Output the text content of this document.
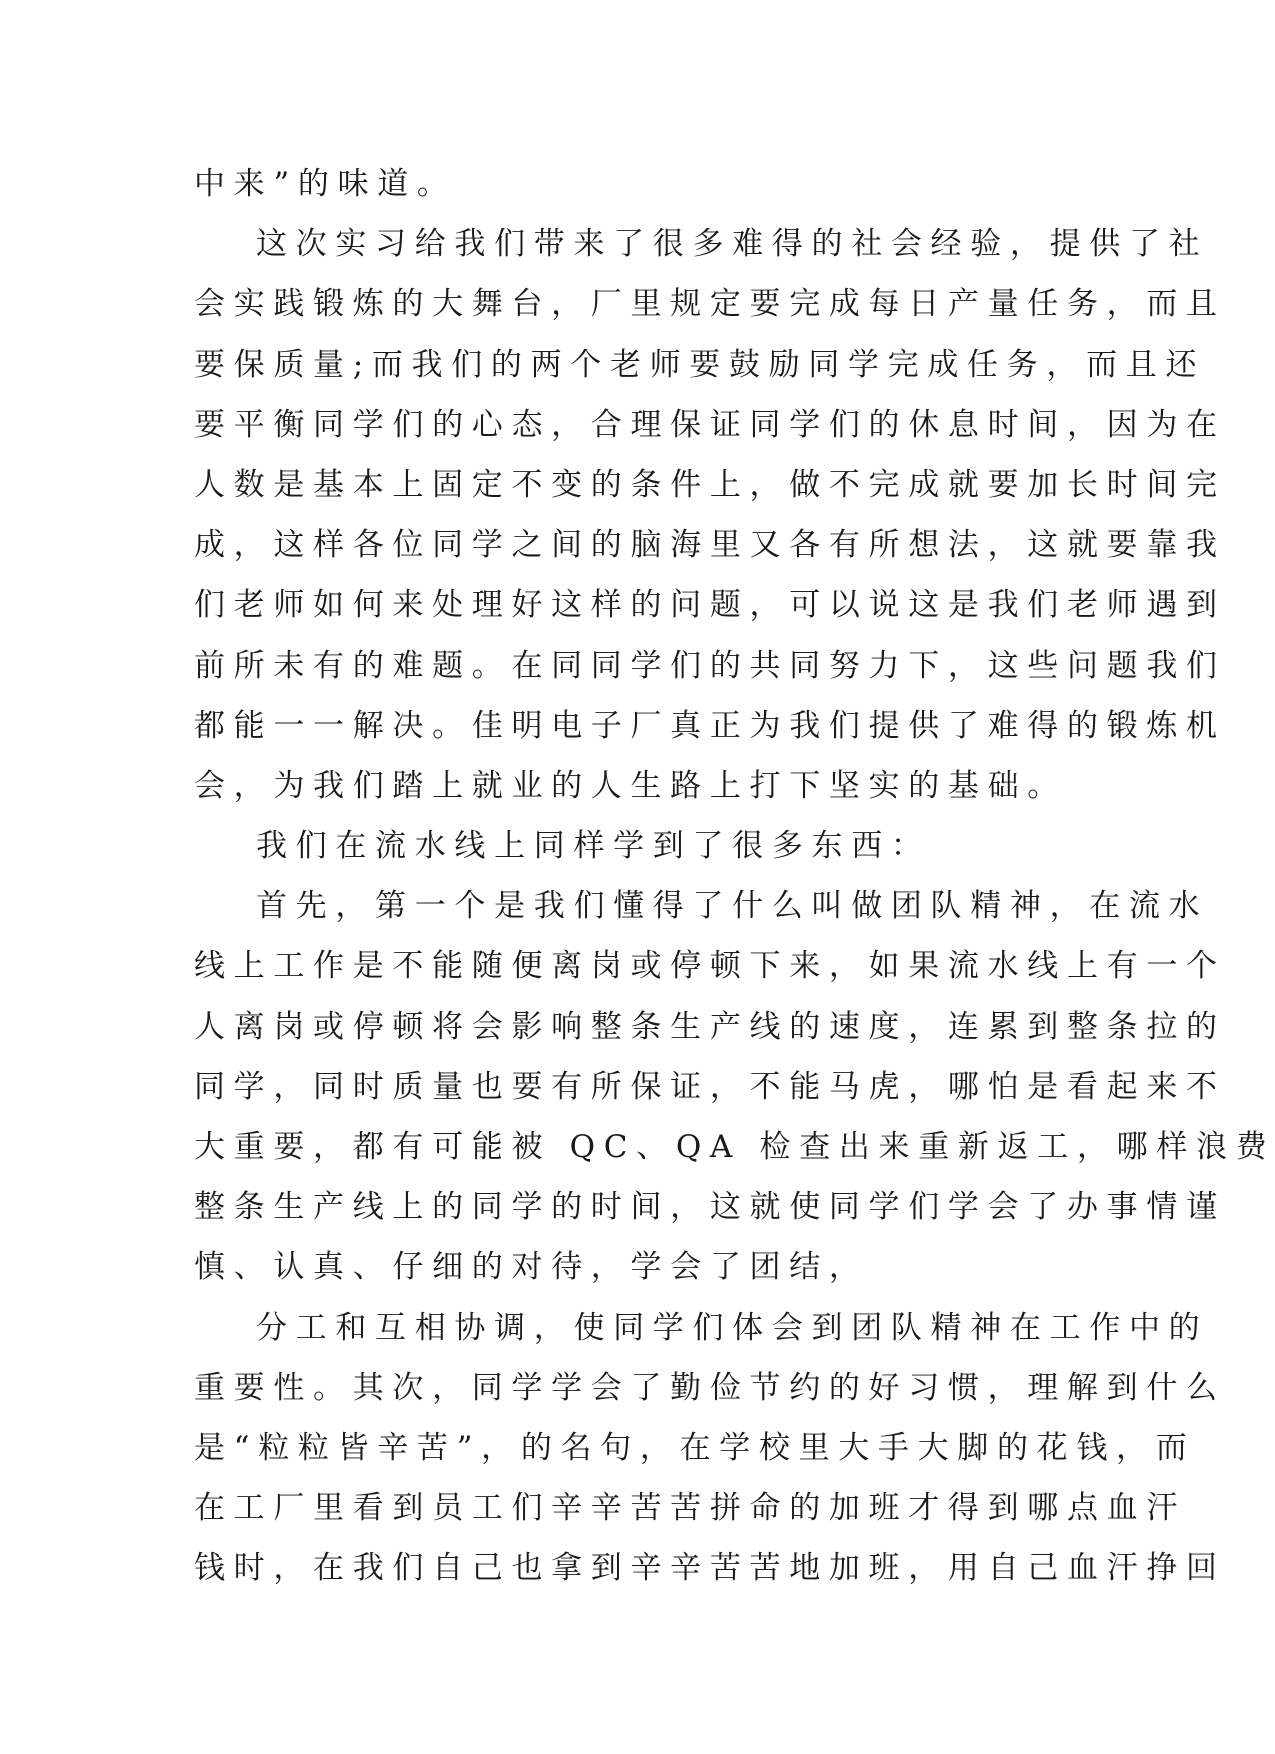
中来”的味道。
这次实习给我们带来了很多难得的社会经验，提供了社
会实践锻炼的大舞台，厂里规定要完成每日产量任务，而且
要保质量;而我们的两个老师要鼓励同学完成任务，而且还
要平衡同学们的心态，合理保证同学们的休息时间，因为在
人数是基本上固定不变的条件上，做不完成就要加长时间完
成，这样各位同学之间的脑海里又各有所想法，这就要靠我
们老师如何来处理好这样的问题，可以说这是我们老师遇到
前所未有的难题。在同同学们的共同努力下，这些问题我们
都能一一解决。佳明电子厂真正为我们提供了难得的锻炼机
会，为我们踏上就业的人生路上打下坚实的基础。
我们在流水线上同样学到了很多东西：
首先，第一个是我们懂得了什么叫做团队精神，在流水
线上工作是不能随便离岗或停顿下来，如果流水线上有一个
人离岗或停顿将会影响整条生产线的速度，连累到整条拉的
同学，同时质量也要有所保证，不能马虎，哪怕是看起来不
大重要，都有可能被 QC、QA 检查出来重新返工，哪样浪费
整条生产线上的同学的时间，这就使同学们学会了办事情谨
慎、认真、仔细的对待，学会了团结，
分工和互相协调，使同学们体会到团队精神在工作中的
重要性。其次，同学学会了勤俭节约的好习惯，理解到什么
是“粒粒皆辛苦”，的名句，在学校里大手大脚的花钱，而
在工厂里看到员工们辛辛苦苦拼命的加班才得到哪点血汗
钱时，在我们自己也拿到辛辛苦苦地加班，用自己血汗挣回
